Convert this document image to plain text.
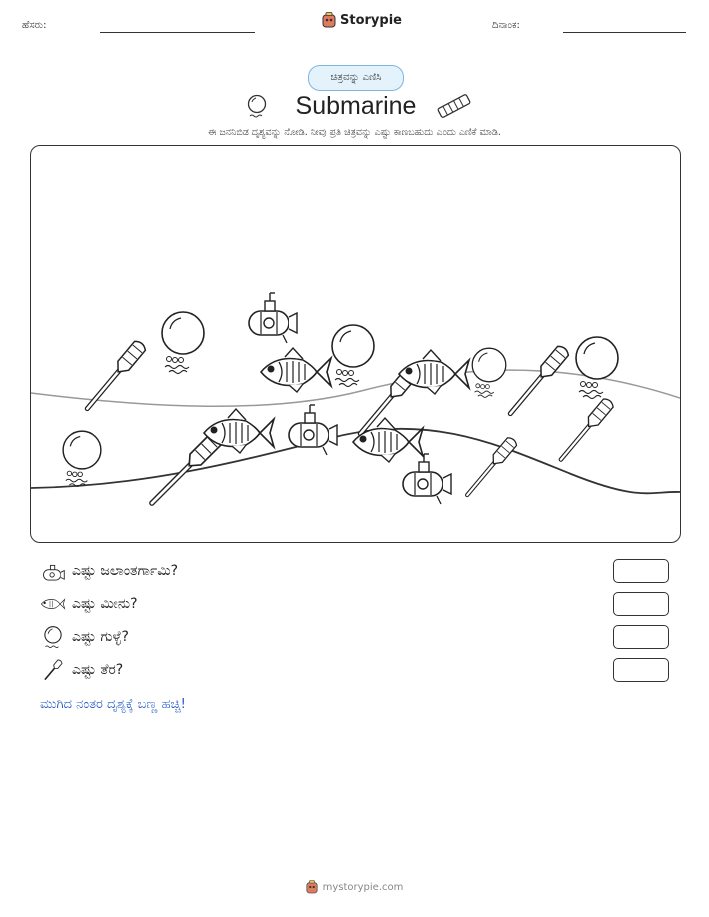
ಹೆಸರು:	Storypie	ದಿನಾಂಕ:
ಚಿತ್ರವನ್ನು ಎಣಿಸಿ
Submarine
ಈ ಜನನಿಬಿಡ ದೃಶ್ಯವನ್ನು ನೋಡಿ. ನೀವು ಪ್ರತಿ ಚಿತ್ರವನ್ನು ಎಷ್ಟು ಕಾಣಬಹುದು ಎಂದು ಎಣಿಕೆ ಮಾಡಿ.
ಎಷ್ಟು ಜಲಾಂತರ್ಗಾಮಿ?
ಎಷ್ಟು ಮೀನು?
ಎಷ್ಟು ಗುಳ್ಳೆ?
ಎಷ್ಟು ತೆರ?
ಮುಗಿದ ನಂತರ ದೃಶ್ಯಕ್ಕೆ ಬಣ್ಣ ಹಚ್ಚಿ!
mystorypie.com
